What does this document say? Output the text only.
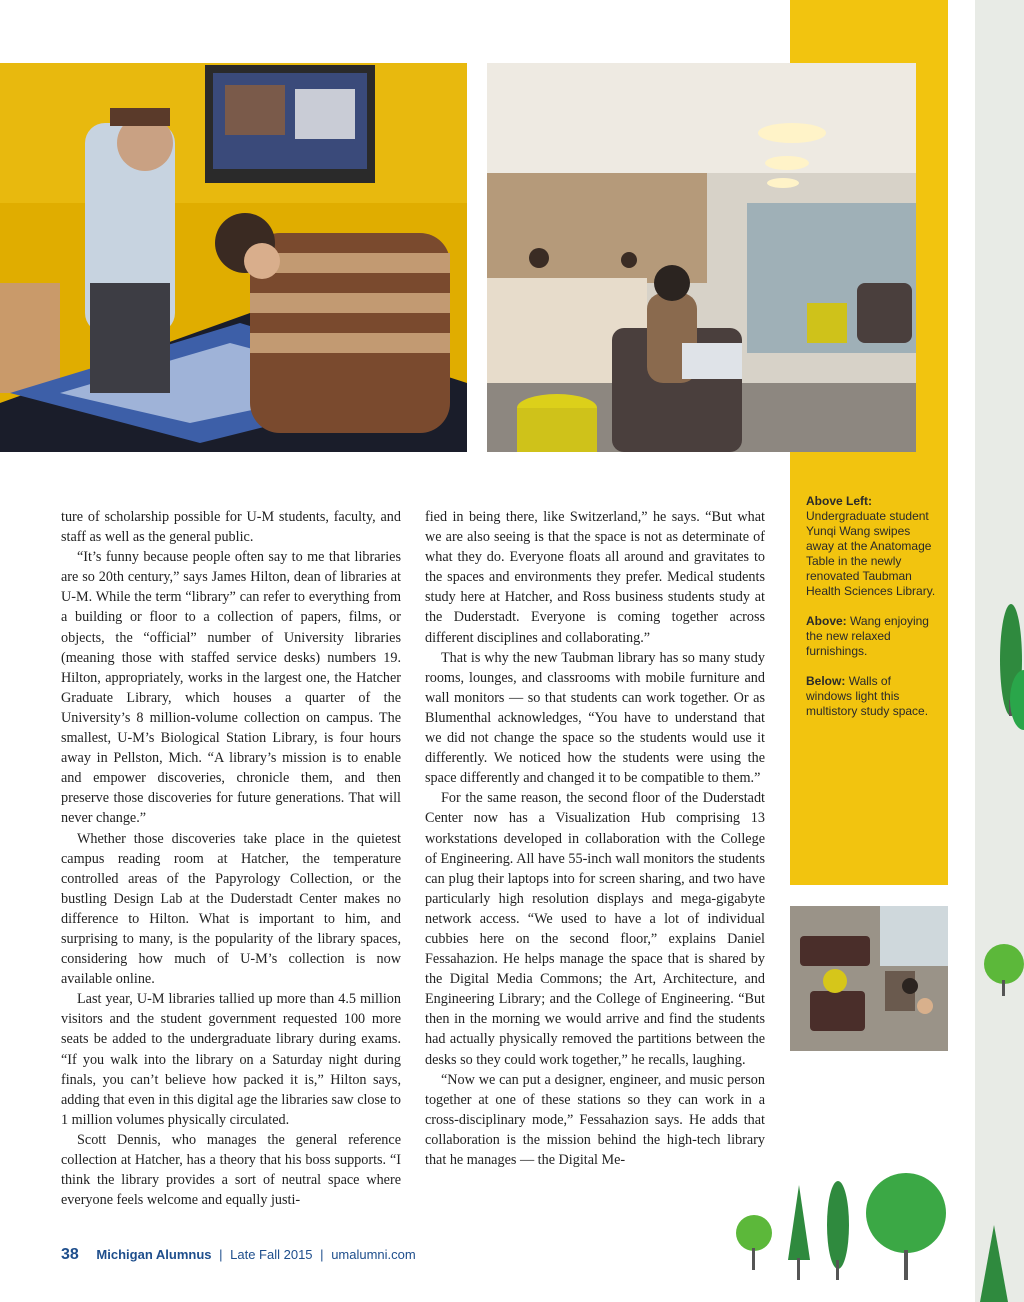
Above Left:
Undergraduate student Yunqi Wang swipes away at the Anatomage Table in the newly renovated Taubman Health Sciences Library.

Above: Wang enjoying the new relaxed furnishings.

Below: Walls of windows light this multistory study space.

ture of scholarship possible for U-M students, faculty, and staff as well as the general public.

“It’s funny because people often say to me that libraries are so 20th century,” says James Hilton, dean of libraries at U-M. While the term “library” can refer to everything from a building or floor to a collection of papers, films, or objects, the “official” number of University libraries (meaning those with staffed service desks) numbers 19. Hilton, appropriately, works in the largest one, the Hatcher Graduate Library, which houses a quarter of the University’s 8 million-volume collection on campus. The smallest, U-M’s Biological Station Library, is four hours away in Pellston, Mich. “A library’s mission is to enable and empower discoveries, chronicle them, and then preserve those discoveries for future generations. That will never change.”

Whether those discoveries take place in the quietest campus reading room at Hatcher, the temperature controlled areas of the Papyrology Collection, or the bustling Design Lab at the Duderstadt Center makes no difference to Hilton. What is important to him, and surprising to many, is the popularity of the library spaces, considering how much of U-M’s collection is now available online.

Last year, U-M libraries tallied up more than 4.5 million visitors and the student government requested 100 more seats be added to the undergraduate library during exams. “If you walk into the library on a Saturday night during finals, you can’t believe how packed it is,” Hilton says, adding that even in this digital age the libraries saw close to 1 million volumes physically circulated.

Scott Dennis, who manages the general reference collection at Hatcher, has a theory that his boss supports. “I think the library provides a sort of neutral space where everyone feels welcome and equally justi-

fied in being there, like Switzerland,” he says. “But what we are also seeing is that the space is not as determinate of what they do. Everyone floats all around and gravitates to the spaces and environments they prefer. Medical students study here at Hatcher, and Ross business students study at the Duderstadt. Everyone is coming together across different disciplines and collaborating.”

That is why the new Taubman library has so many study rooms, lounges, and classrooms with mobile furniture and wall monitors — so that students can work together. Or as Blumenthal acknowledges, “You have to understand that we did not change the space so the students would use it differently. We noticed how the students were using the space differently and changed it to be compatible to them.”

For the same reason, the second floor of the Duderstadt Center now has a Visualization Hub comprising 13 workstations developed in collaboration with the College of Engineering. All have 55-inch wall monitors the students can plug their laptops into for screen sharing, and two have particularly high resolution displays and mega-gigabyte network access. “We used to have a lot of individual cubbies here on the second floor,” explains Daniel Fessahazion. He helps manage the space that is shared by the Digital Media Commons; the Art, Architecture, and Engineering Library; and the College of Engineering. “But then in the morning we would arrive and find the students had actually physically removed the partitions between the desks so they could work together,” he recalls, laughing.

“Now we can put a designer, engineer, and music person together at one of these stations so they can work in a cross-disciplinary mode,” Fessahazion says. He adds that collaboration is the mission behind the high-tech library that he manages — the Digital Me-

38 Michigan Alumnus | Late Fall 2015 | umalumni.com
